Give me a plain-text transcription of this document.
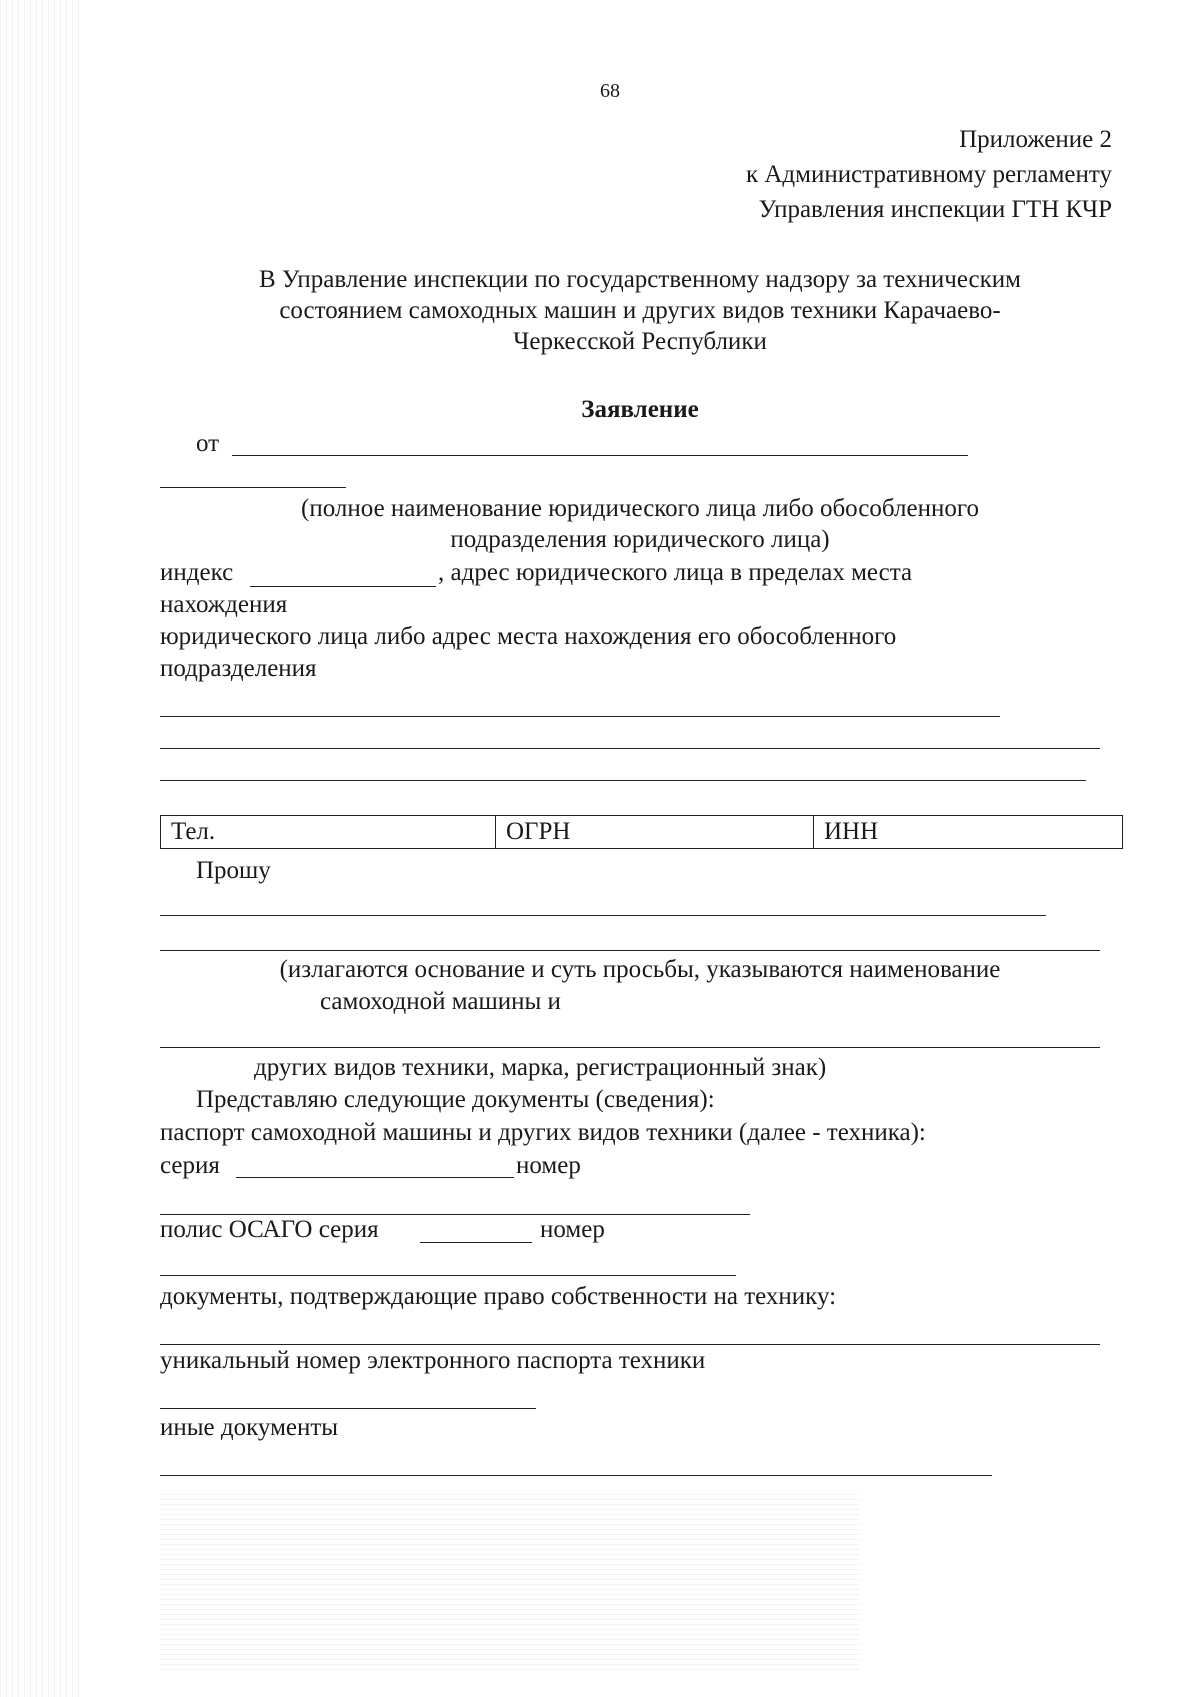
68
Приложение 2
к Административному регламенту
Управления инспекции ГТН КЧР
В Управление инспекции по государственному надзору за техническим
состоянием самоходных машин и других видов техники Карачаево-
Черкесской Республики
Заявление
от
(полное наименование юридического лица либо обособленного
подразделения юридического лица)
индекс	, адрес юридического лица в пределах места
нахождения
юридического лица либо адрес места нахождения его обособленного
подразделения
Тел.	ОГРН	ИНН
Прошу
(излагаются основание и суть просьбы, указываются наименование
самоходной машины и
других видов техники, марка, регистрационный знак)
Представляю следующие документы (сведения):
паспорт самоходной машины и других видов техники (далее - техника):
серия	номер
полис ОСАГО серия	номер
документы, подтверждающие право собственности на технику:
уникальный номер электронного паспорта техники
иные документы
